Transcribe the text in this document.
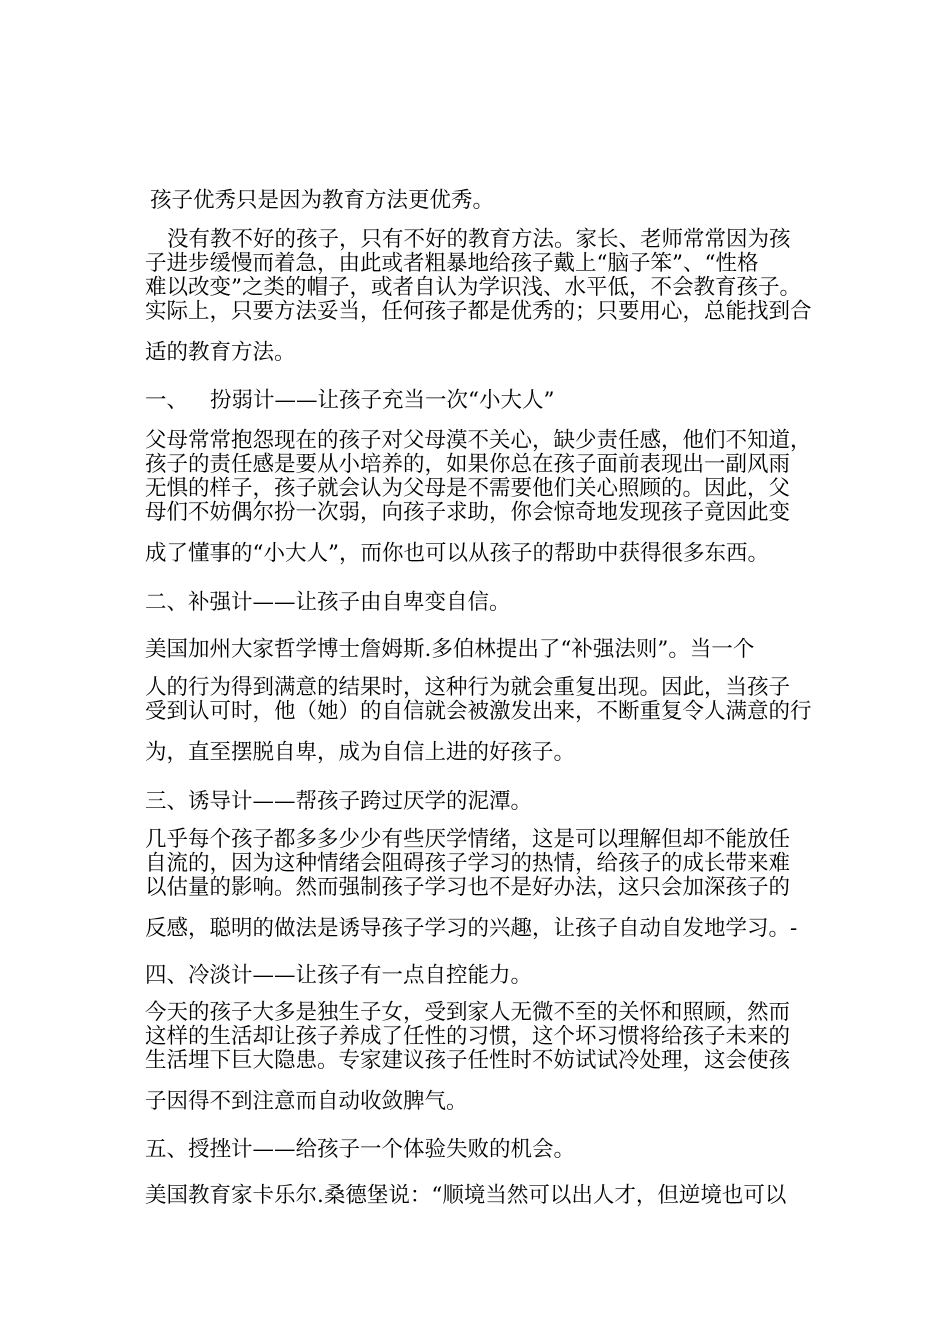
孩子优秀只是因为教育方法更优秀。
没有教不好的孩子，只有不好的教育方法。家长、老师常常因为孩
子进步缓慢而着急，由此或者粗暴地给孩子戴上“脑子笨”、“性格
难以改变”之类的帽子，或者自认为学识浅、水平低，不会教育孩子。
实际上，只要方法妥当，任何孩子都是优秀的；只要用心，总能找到合
适的教育方法。
一、 扮弱计——让孩子充当一次“小大人”
父母常常抱怨现在的孩子对父母漠不关心，缺少责任感，他们不知道，
孩子的责任感是要从小培养的，如果你总在孩子面前表现出一副风雨
无惧的样子，孩子就会认为父母是不需要他们关心照顾的。因此，父
母们不妨偶尔扮一次弱，向孩子求助，你会惊奇地发现孩子竟因此变
成了懂事的“小大人”，而你也可以从孩子的帮助中获得很多东西。
二、补强计——让孩子由自卑变自信。
美国加州大家哲学博士詹姆斯.多伯林提出了“补强法则”。当一个
人的行为得到满意的结果时，这种行为就会重复出现。因此，当孩子
受到认可时，他（她）的自信就会被激发出来，不断重复令人满意的行
为，直至摆脱自卑，成为自信上进的好孩子。
三、诱导计——帮孩子跨过厌学的泥潭。
几乎每个孩子都多多少少有些厌学情绪，这是可以理解但却不能放任
自流的，因为这种情绪会阻碍孩子学习的热情，给孩子的成长带来难
以估量的影响。然而强制孩子学习也不是好办法，这只会加深孩子的
反感，聪明的做法是诱导孩子学习的兴趣，让孩子自动自发地学习。-
四、冷淡计——让孩子有一点自控能力。
今天的孩子大多是独生子女，受到家人无微不至的关怀和照顾，然而
这样的生活却让孩子养成了任性的习惯，这个坏习惯将给孩子未来的
生活埋下巨大隐患。专家建议孩子任性时不妨试试冷处理，这会使孩
子因得不到注意而自动收敛脾气。
五、授挫计——给孩子一个体验失败的机会。
美国教育家卡乐尔.桑德堡说：“顺境当然可以出人才，但逆境也可以
